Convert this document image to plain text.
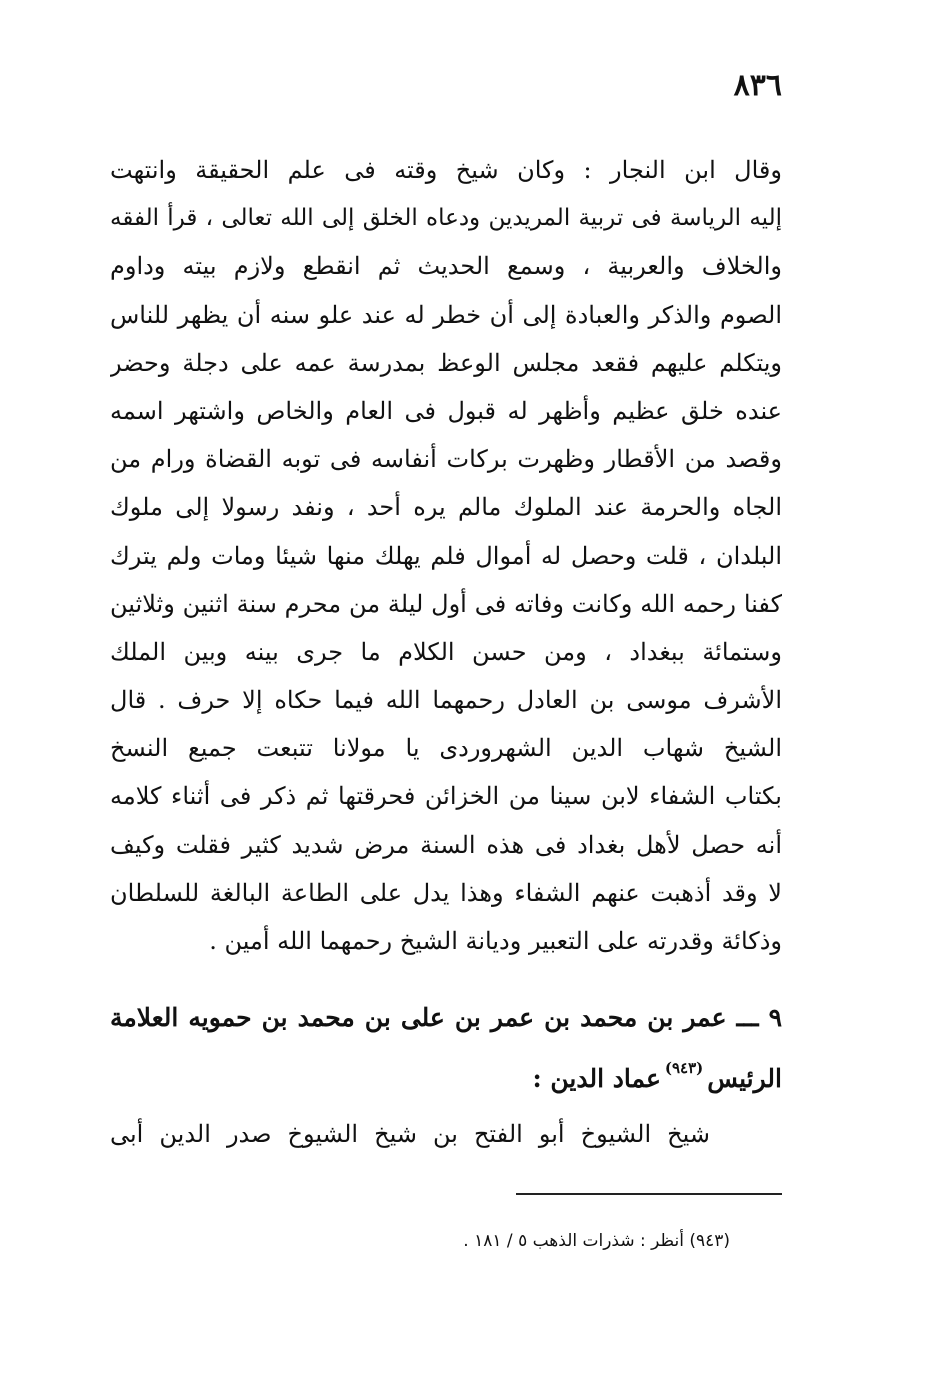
٨٣٦
وقال ابن النجار : وكان شيخ وقته فى علم الحقيقة وانتهت
إليه الرياسة فى تربية المريدين ودعاه الخلق إلى الله تعالى ، قرأ الفقه
والخلاف والعربية ، وسمع الحديث ثم انقطع ولازم بيته وداوم
الصوم والذكر والعبادة إلى أن خطر له عند علو سنه أن يظهر للناس
ويتكلم عليهم فقعد مجلس الوعظ بمدرسة عمه على دجلة وحضر
عنده خلق عظيم وأظهر له قبول فى العام والخاص واشتهر اسمه
وقصد من الأقطار وظهرت بركات أنفاسه فى توبه القضاة ورام من
الجاه والحرمة عند الملوك مالم يره أحد ، ونفد رسولا إلى ملوك
البلدان ، قلت وحصل له أموال فلم يهلك منها شيئا ومات ولم يترك
كفنا رحمه الله وكانت وفاته فى أول ليلة من محرم سنة اثنين وثلاثين
وستمائة ببغداد ، ومن حسن الكلام ما جرى بينه وبين الملك
الأشرف موسى بن العادل رحمهما الله فيما حكاه إلا حرف . قال
الشيخ شهاب الدين الشهروردى يا مولانا تتبعت جميع النسخ
بكتاب الشفاء لابن سينا من الخزائن فحرقتها ثم ذكر فى أثناء كلامه
أنه حصل لأهل بغداد فى هذه السنة مرض شديد كثير فقلت وكيف
لا وقد أذهبت عنهم الشفاء وهذا يدل على الطاعة البالغة للسلطان
وذكائة وقدرته على التعبير وديانة الشيخ رحمهما الله أمين .
٩ ـــ عمر بن محمد بن عمر بن على بن محمد بن حمويه العلامة
الرئيس$^{(٩٤٣)}$عماد الدين :
شيخ الشيوخ أبو الفتح بن شيخ الشيوخ صدر الدين أبى
(٩٤٣) أنظر : شذرات الذهب ٥ / ١٨١ .
